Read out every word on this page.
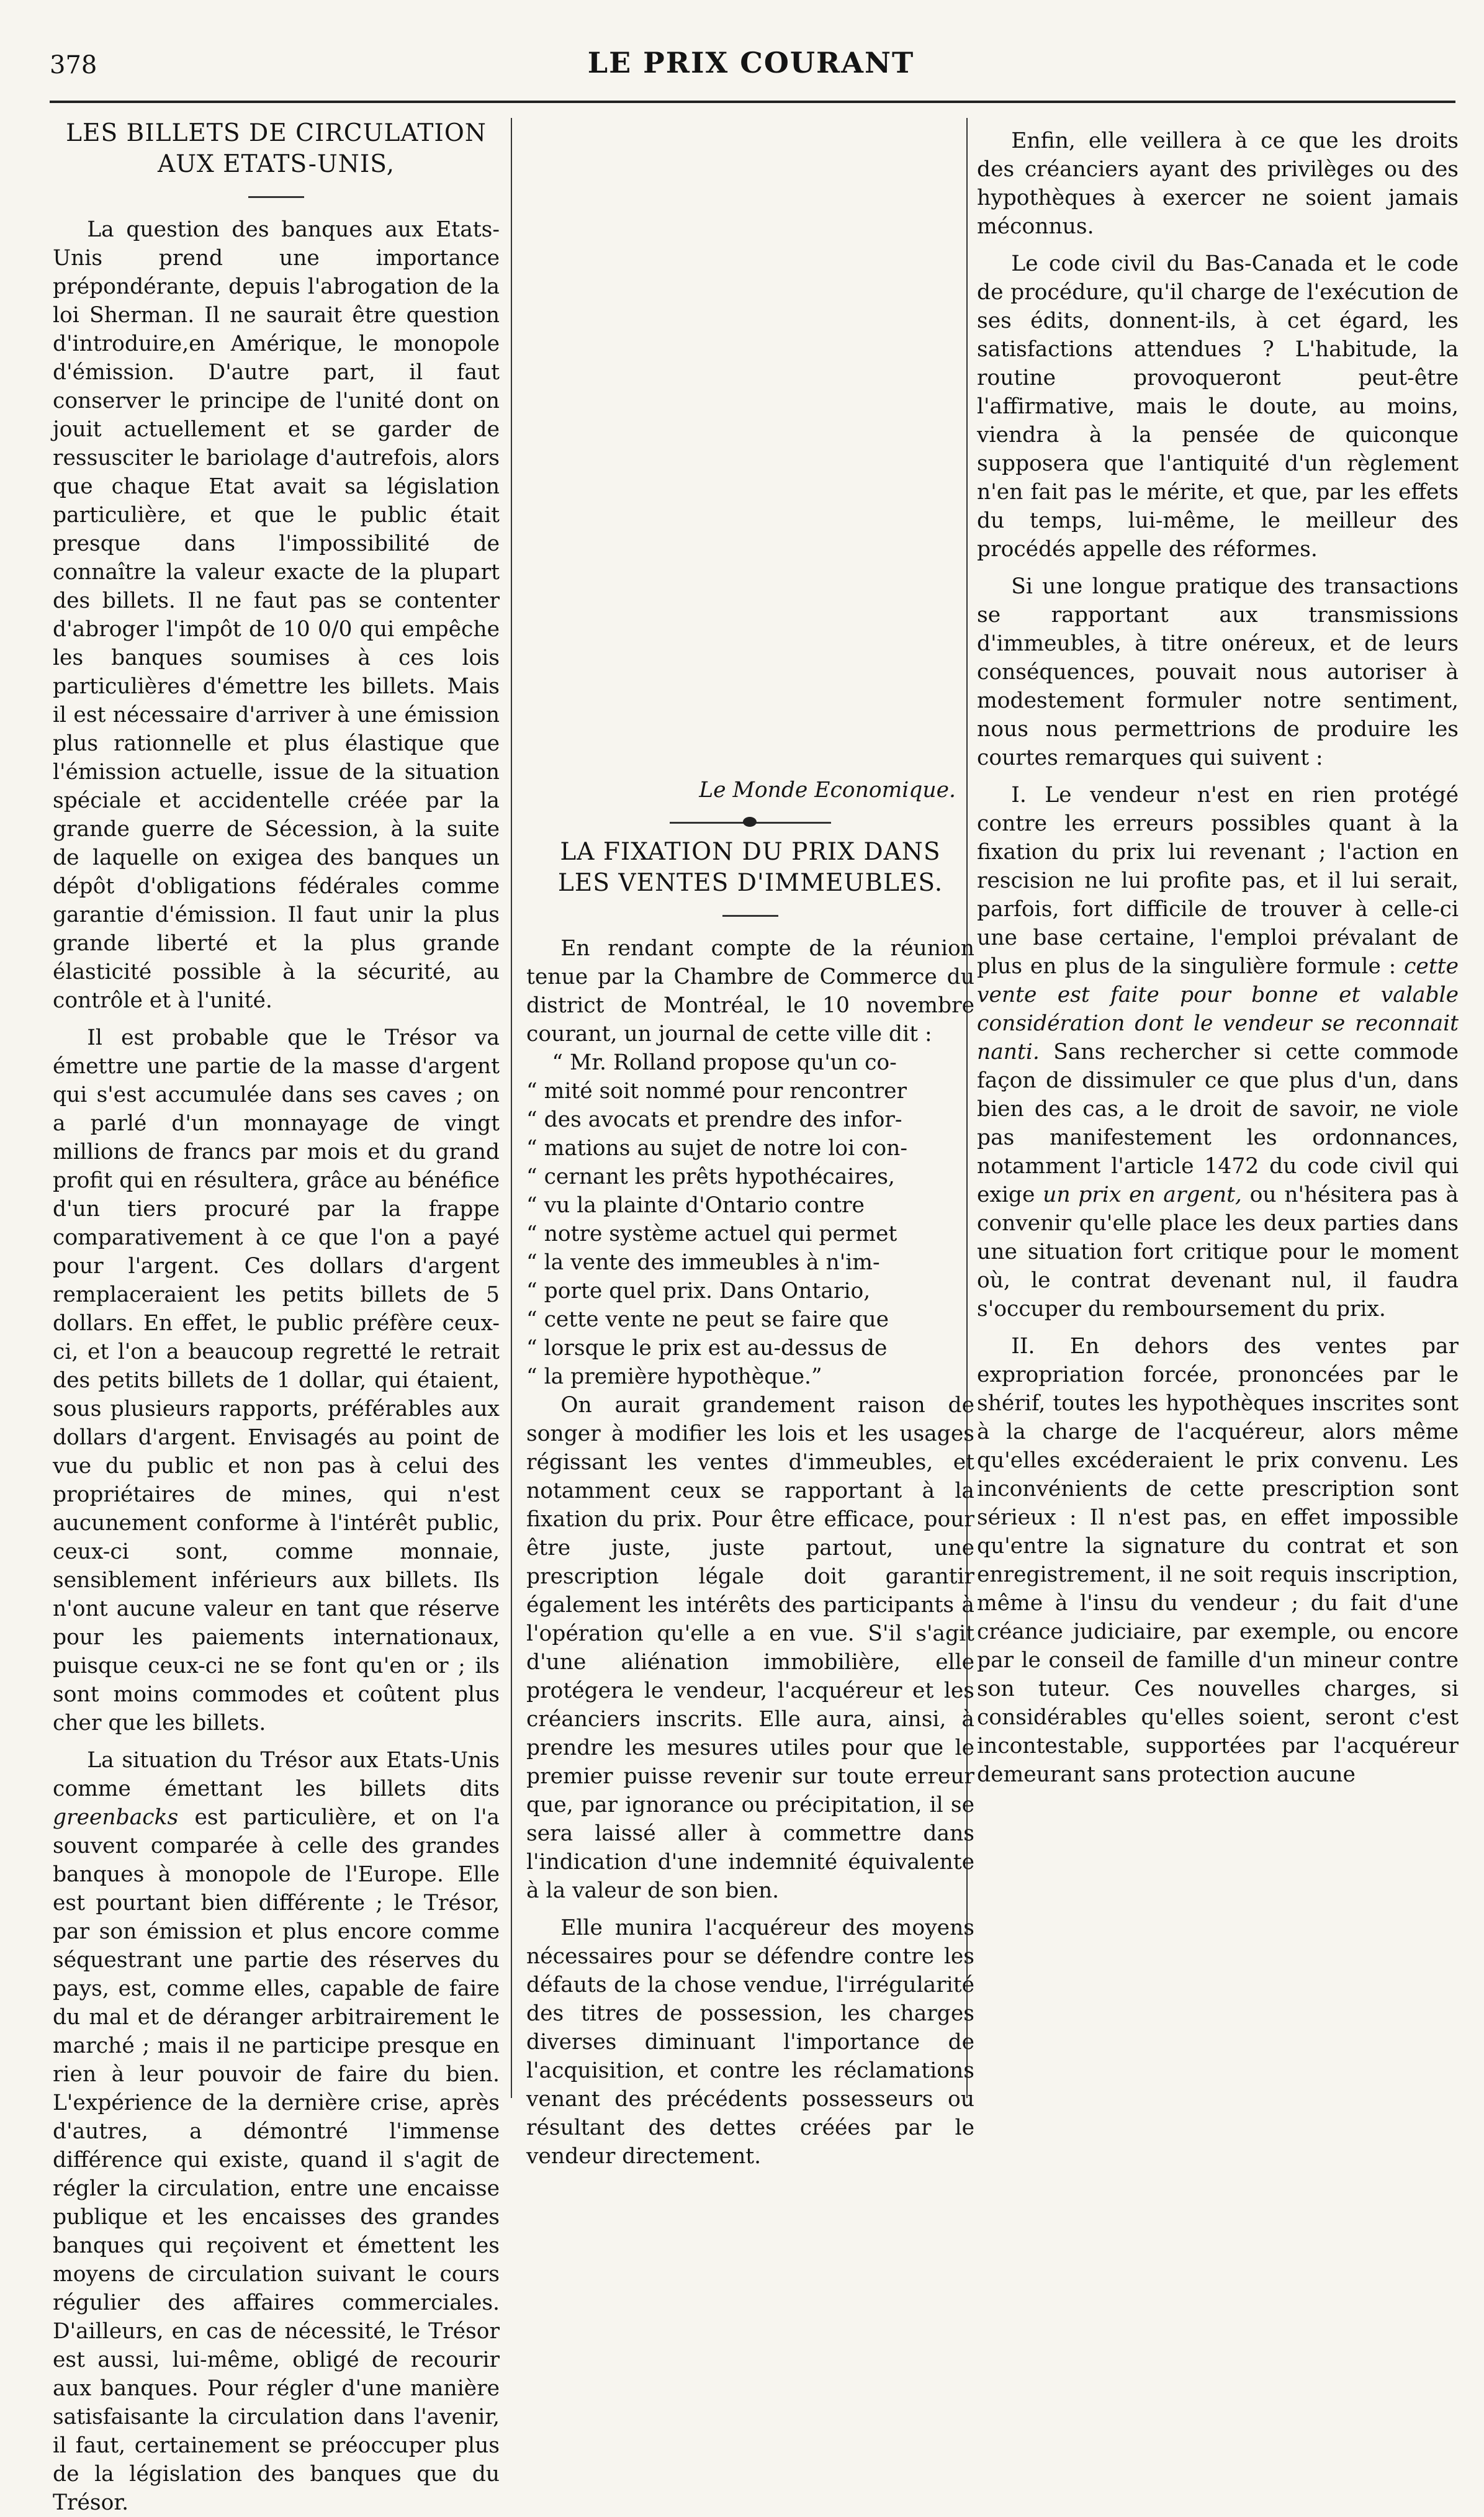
378	LE PRIX COURANT
LES BILLETS DE CIRCULATION
AUX ETATS-UNIS,

La question des banques aux Etats-Unis prend une importance prépondérante, depuis l'abrogation de la loi Sherman. Il ne saurait être question d'introduire,en Amérique, le monopole d'émission. D'autre part, il faut conserver le principe de l'unité dont on jouit actuellement et se garder de ressusciter le bariolage d'autrefois, alors que chaque Etat avait sa législation particulière, et que le public était presque dans l'impossibilité de connaître la valeur exacte de la plupart des billets. Il ne faut pas se contenter d'abroger l'impôt de 10 0/0 qui empêche les banques soumises à ces lois particulières d'émettre les billets. Mais il est nécessaire d'arriver à une émission plus rationnelle et plus élastique que l'émission actuelle, issue de la situation spéciale et accidentelle créée par la grande guerre de Sécession, à la suite de laquelle on exigea des banques un dépôt d'obligations fédérales comme garantie d'émission. Il faut unir la plus grande liberté et la plus grande élasticité possible à la sécurité, au contrôle et à l'unité.

Il est probable que le Trésor va émettre une partie de la masse d'argent qui s'est accumulée dans ses caves ; on a parlé d'un monnayage de vingt millions de francs par mois et du grand profit qui en résultera, grâce au bénéfice d'un tiers procuré par la frappe comparativement à ce que l'on a payé pour l'argent. Ces dollars d'argent remplaceraient les petits billets de 5 dollars. En effet, le public préfère ceux-ci, et l'on a beaucoup regretté le retrait des petits billets de 1 dollar, qui étaient, sous plusieurs rapports, préférables aux dollars d'argent. Envisagés au point de vue du public et non pas à celui des propriétaires de mines, qui n'est aucunement conforme à l'intérêt public, ceux-ci sont, comme monnaie, sensiblement inférieurs aux billets. Ils n'ont aucune valeur en tant que réserve pour les paiements internationaux, puisque ceux-ci ne se font qu'en or ; ils sont moins commodes et coûtent plus cher que les billets.

La situation du Trésor aux Etats-Unis comme émettant les billets dits greenbacks est particulière, et on l'a souvent comparée à celle des grandes banques à monopole de l'Europe. Elle est pourtant bien différente ; le Trésor, par son émission et plus encore comme séquestrant une partie des réserves du pays, est, comme elles, capable de faire du mal et de déranger arbitrairement le marché ; mais il ne participe presque en rien à leur pouvoir de faire du bien. L'expérience de la dernière crise, après d'autres, a démontré l'immense différence qui existe, quand il s'agit de régler la circulation, entre une encaisse publique et les encaisses des grandes banques qui reçoivent et émettent les moyens de circulation suivant le cours régulier des affaires commerciales. D'ailleurs, en cas de nécessité, le Trésor est aussi, lui-même, obligé de recourir aux banques. Pour régler d'une manière satisfaisante la circulation dans l'avenir, il faut, certainement se préoccuper plus de la législation des banques que du Trésor.

Le Monde Economique.
LA FIXATION DU PRIX DANS
LES VENTES D'IMMEUBLES.

En rendant compte de la réunion tenue par la Chambre de Commerce du district de Montréal, le 10 novembre courant, un journal de cette ville dit :

“ Mr. Rolland propose qu'un co-

“ mité soit nommé pour rencontrer

“ des avocats et prendre des infor-

“ mations au sujet de notre loi con-

“ cernant les prêts hypothécaires,

“ vu la plainte d'Ontario contre

“ notre système actuel qui permet

“ la vente des immeubles à n'im-

“ porte quel prix. Dans Ontario,

“ cette vente ne peut se faire que

“ lorsque le prix est au-dessus de

“ la première hypothèque.”

On aurait grandement raison de songer à modifier les lois et les usages régissant les ventes d'immeubles, et notamment ceux se rapportant à la fixation du prix. Pour être efficace, pour être juste, juste partout, une prescription légale doit garantir également les intérêts des participants à l'opération qu'elle a en vue. S'il s'agit d'une aliénation immobilière, elle protégera le vendeur, l'acquéreur et les créanciers inscrits. Elle aura, ainsi, à prendre les mesures utiles pour que le premier puisse revenir sur toute erreur que, par ignorance ou précipitation, il se sera laissé aller à commettre dans l'indication d'une indemnité équivalente à la valeur de son bien.

Elle munira l'acquéreur des moyens nécessaires pour se défendre contre les défauts de la chose vendue, l'irrégularité des titres de possession, les charges diverses diminuant l'importance de l'acquisition, et contre les réclamations venant des précédents possesseurs ou résultant des dettes créées par le vendeur directement.

Enfin, elle veillera à ce que les droits des créanciers ayant des privilèges ou des hypothèques à exercer ne soient jamais méconnus.

Le code civil du Bas-Canada et le code de procédure, qu'il charge de l'exécution de ses édits, donnent-ils, à cet égard, les satisfactions attendues ? L'habitude, la routine provoqueront peut-être l'affirmative, mais le doute, au moins, viendra à la pensée de quiconque supposera que l'antiquité d'un règlement n'en fait pas le mérite, et que, par les effets du temps, lui-même, le meilleur des procédés appelle des réformes.

Si une longue pratique des transactions se rapportant aux transmissions d'immeubles, à titre onéreux, et de leurs conséquences, pouvait nous autoriser à modestement formuler notre sentiment, nous nous permettrions de produire les courtes remarques qui suivent :

I. Le vendeur n'est en rien protégé contre les erreurs possibles quant à la fixation du prix lui revenant ; l'action en rescision ne lui profite pas, et il lui serait, parfois, fort difficile de trouver à celle-ci une base certaine, l'emploi prévalant de plus en plus de la singulière formule : cette vente est faite pour bonne et valable considération dont le vendeur se reconnait nanti. Sans rechercher si cette commode façon de dissimuler ce que plus d'un, dans bien des cas, a le droit de savoir, ne viole pas manifestement les ordonnances, notamment l'article 1472 du code civil qui exige un prix en argent, ou n'hésitera pas à convenir qu'elle place les deux parties dans une situation fort critique pour le moment où, le contrat devenant nul, il faudra s'occuper du remboursement du prix.

II. En dehors des ventes par expropriation forcée, prononcées par le shérif, toutes les hypothèques inscrites sont à la charge de l'acquéreur, alors même qu'elles excéderaient le prix convenu. Les inconvénients de cette prescription sont sérieux : Il n'est pas, en effet impossible qu'entre la signature du contrat et son enregistrement, il ne soit requis inscription, même à l'insu du vendeur ; du fait d'une créance judiciaire, par exemple, ou encore par le conseil de famille d'un mineur contre son tuteur. Ces nouvelles charges, si considérables qu'elles soient, seront c'est incontestable, supportées par l'acquéreur demeurant sans protection aucune
